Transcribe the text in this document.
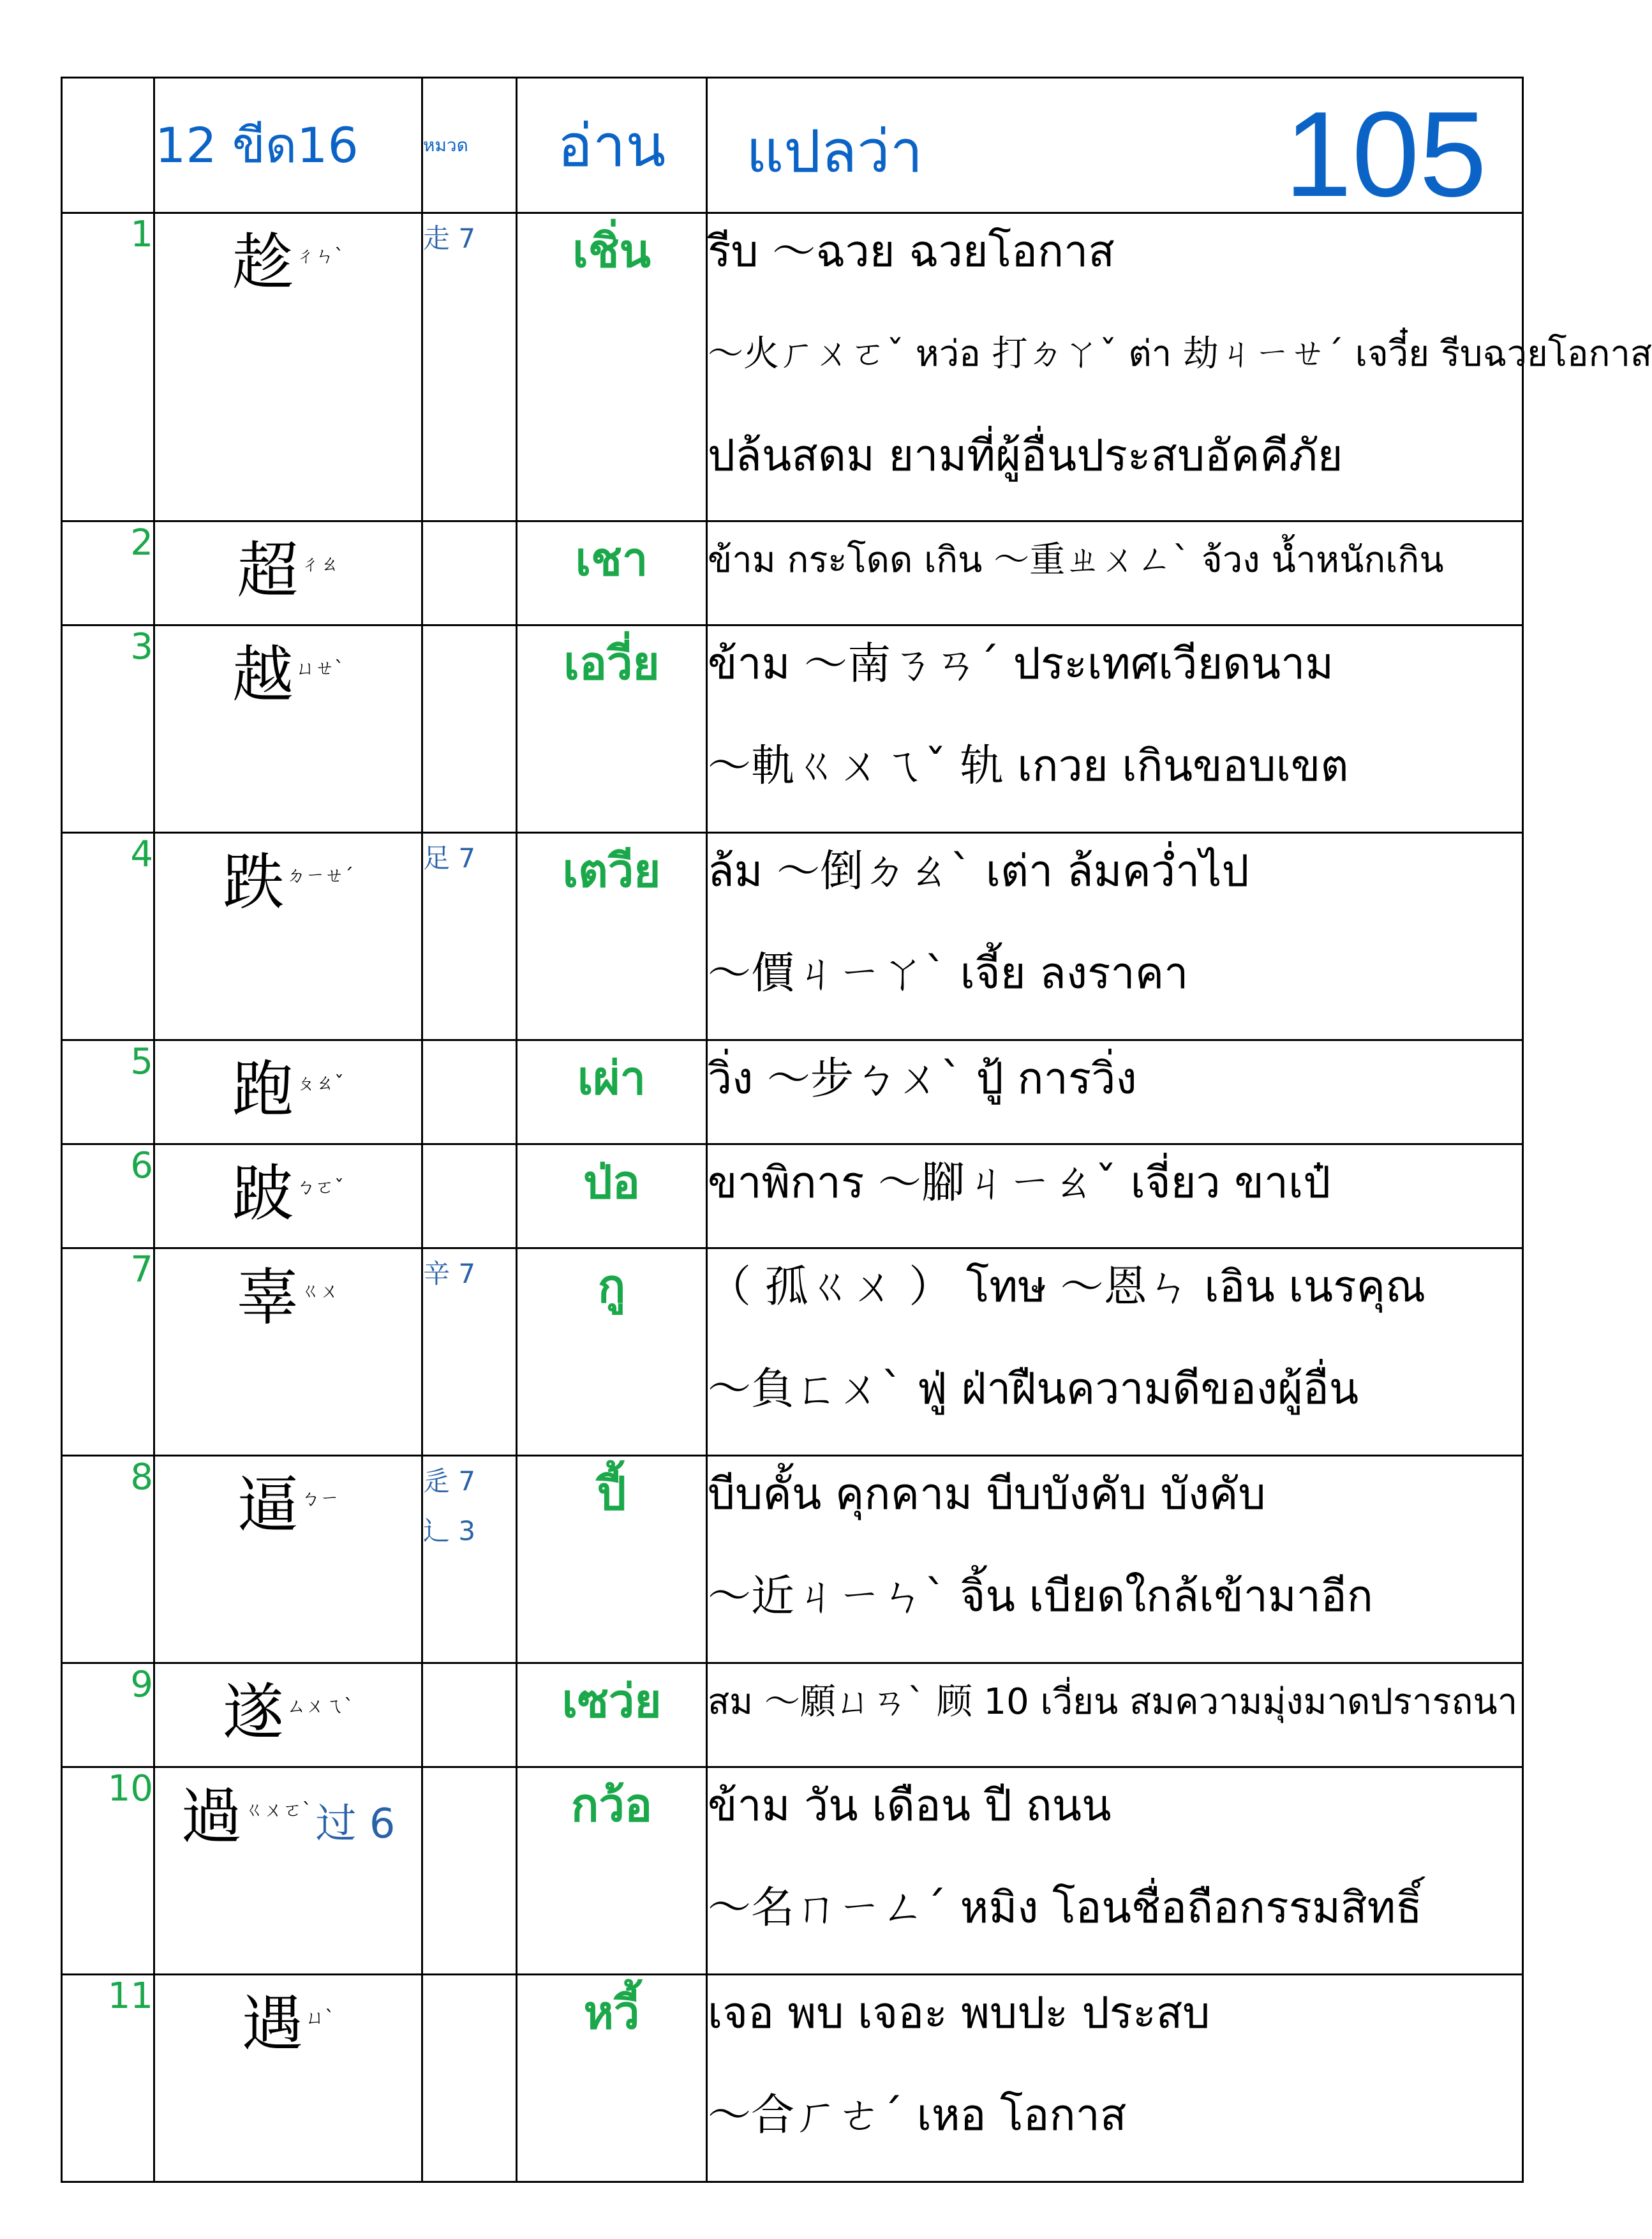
	12 ขีด16	หมวด	อ่าน	แปลว่า 105

1	趁 $^{ㄔㄣˋ}$	走 7	เชิ่น	รีบ ～ฉวย ฉวยโอกาส
～火ㄏㄨㄛˇ หว่อ 打ㄉㄚˇ ต่า 劫ㄐㄧㄝˊ เจวี๋ย รีบฉวยโอกาส
ปล้นสดม ยามที่ผู้อื่นประสบอัคคีภัย

2	超 $^{ㄔㄠ}$		เชา	ข้าม กระโดด เกิน ～重ㄓㄨㄥˋ จ้วง น้ำหนักเกิน

3	越 $^{ㄩㄝˋ}$		เอวี่ย	ข้าม ～南ㄋㄢˊ ประเทศเวียดนาม
～軌ㄍㄨㄟˇ 轨 เกวย เกินขอบเขต

4	跌 $^{ㄉㄧㄝˊ}$	足 7	เตวีย	ล้ม ～倒ㄉㄠˋ เต่า ล้มคว่ำไป
～價ㄐㄧㄚˋ เจี้ย ลงราคา

5	跑 $^{ㄆㄠˇ}$		เผ่า	วิ่ง ～步ㄅㄨˋ ปู้ การวิ่ง

6	跛 $^{ㄅㄛˇ}$		ป่อ	ขาพิการ ～腳ㄐㄧㄠˇ เจี่ยว ขาเป๋

7	辜 $^{ㄍㄨ}$	辛 7	กู	（ 孤ㄍㄨ ） โทษ ～恩ㄣ เอิน เนรคุณ
～負ㄈㄨˋ ฟู่ ฝ่าฝืนความดีของผู้อื่น

8	逼 $^{ㄅㄧ}$	辵 7
⻌ 3	ปี้	บีบคั้น คุกคาม บีบบังคับ บังคับ
～近ㄐㄧㄣˋ จิ้น เบียดใกล้เข้ามาอีก

9	遂 $^{ㄙㄨㄟˋ}$		เซว่ย	สม ～願ㄩㄢˋ 顾 10 เวี่ยน สมความมุ่งมาดปรารถนา

10	過 $^{ㄍㄨㄛˋ}$过 6		กว้อ	ข้าม วัน เดือน ปี ถนน
～名ㄇㄧㄥˊ หมิง โอนชื่อถือกรรมสิทธิ์

11	遇 $^{ㄩˋ}$		หวี้	เจอ พบ เจอะ พบปะ ประสบ
～合ㄏㄜˊ เหอ โอกาส
